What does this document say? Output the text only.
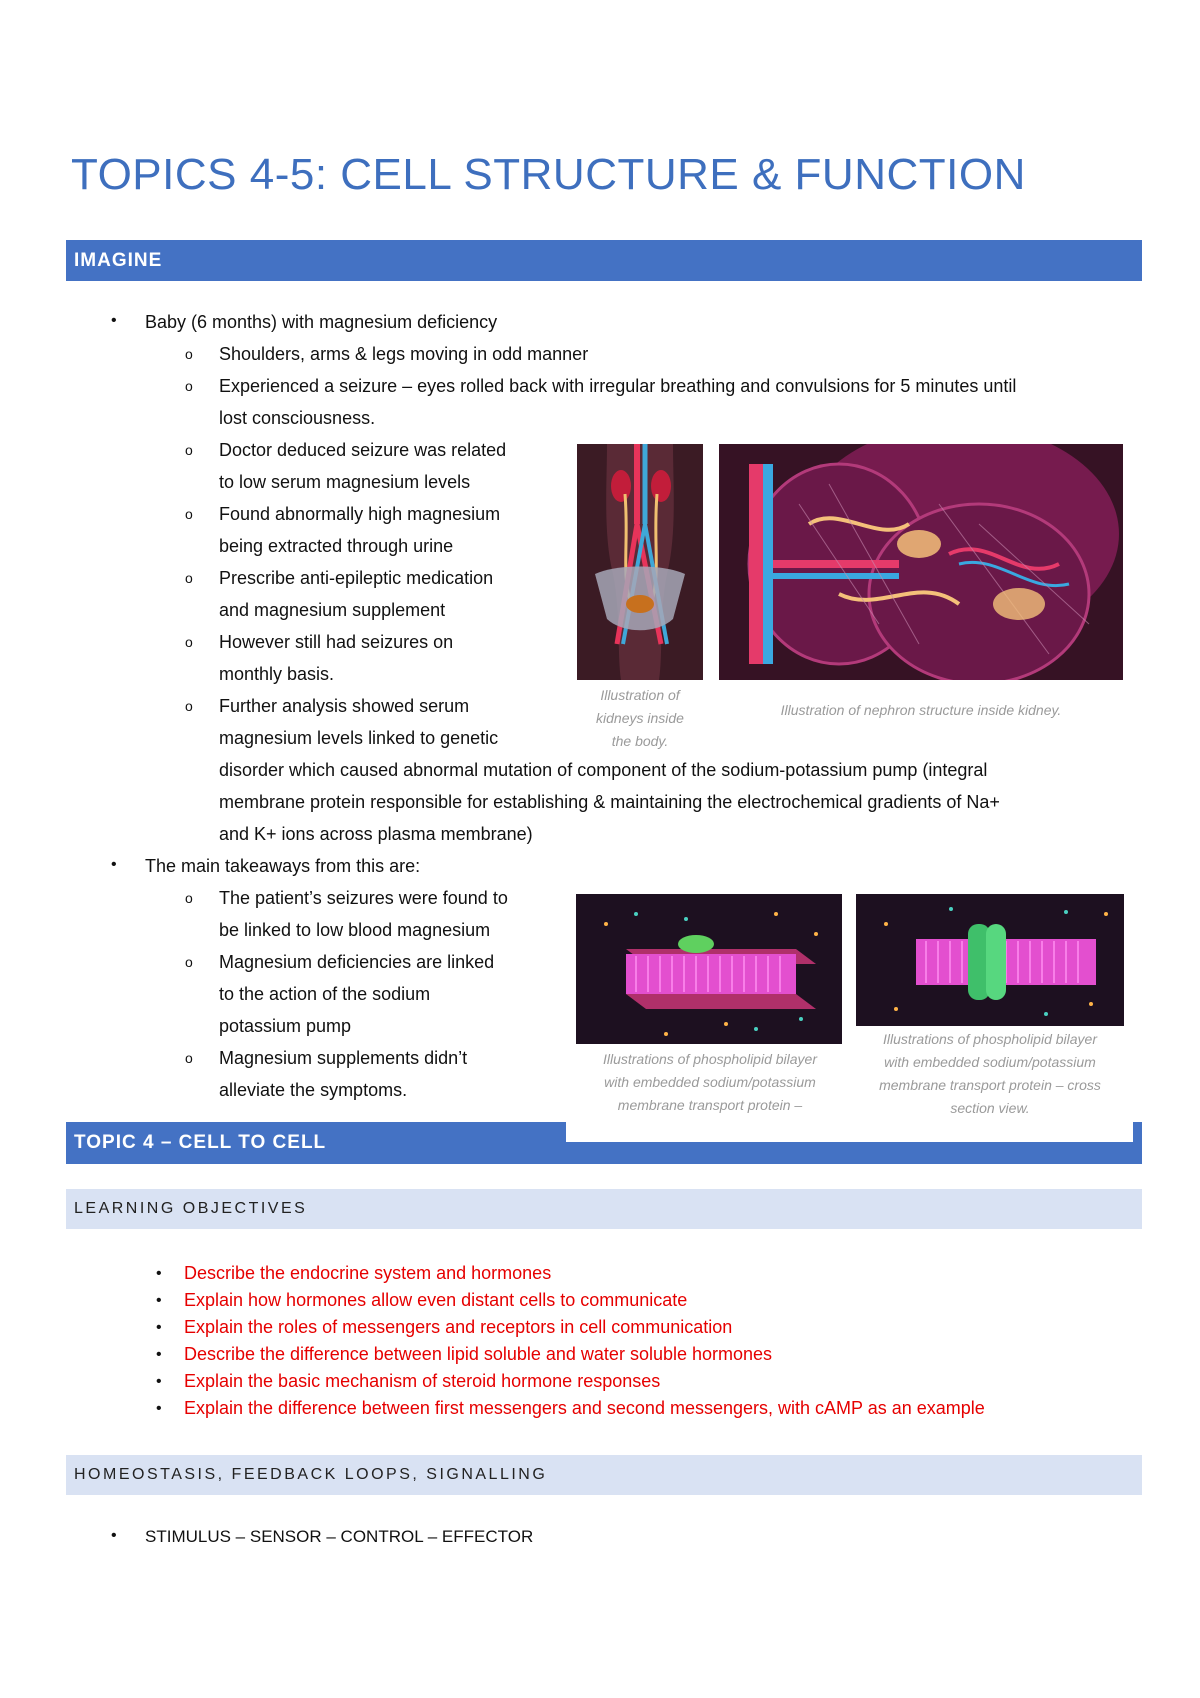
TOPICS 4-5: CELL STRUCTURE & FUNCTION
IMAGINE
• Baby (6 months) with magnesium deficiency
o Shoulders, arms & legs moving in odd manner
o Experienced a seizure – eyes rolled back with irregular breathing and convulsions for 5 minutes until
lost consciousness.
o Doctor deduced seizure was related
to low serum magnesium levels
o Found abnormally high magnesium
being extracted through urine
o Prescribe anti-epileptic medication
and magnesium supplement
o However still had seizures on
monthly basis.
o Further analysis showed serum
magnesium levels linked to genetic
disorder which caused abnormal mutation of component of the sodium-potassium pump (integral
membrane protein responsible for establishing & maintaining the electrochemical gradients of Na+
and K+ ions across plasma membrane)
• The main takeaways from this are:
o The patient’s seizures were found to
be linked to low blood magnesium
o Magnesium deficiencies are linked
to the action of the sodium
potassium pump
o Magnesium supplements didn’t
alleviate the symptoms.
Illustration of
kidneys inside
the body.
Illustration of nephron structure inside kidney.
Illustrations of phospholipid bilayer
with embedded sodium/potassium
membrane transport protein –
Illustrations of phospholipid bilayer
with embedded sodium/potassium
membrane transport protein – cross
section view.
TOPIC 4 – CELL TO CELL
LEARNING OBJECTIVES
• Describe the endocrine system and hormones
• Explain how hormones allow even distant cells to communicate
• Explain the roles of messengers and receptors in cell communication
• Describe the difference between lipid soluble and water soluble hormones
• Explain the basic mechanism of steroid hormone responses
• Explain the difference between first messengers and second messengers, with cAMP as an example
HOMEOSTASIS, FEEDBACK LOOPS, SIGNALLING
• STIMULUS – SENSOR – CONTROL – EFFECTOR
